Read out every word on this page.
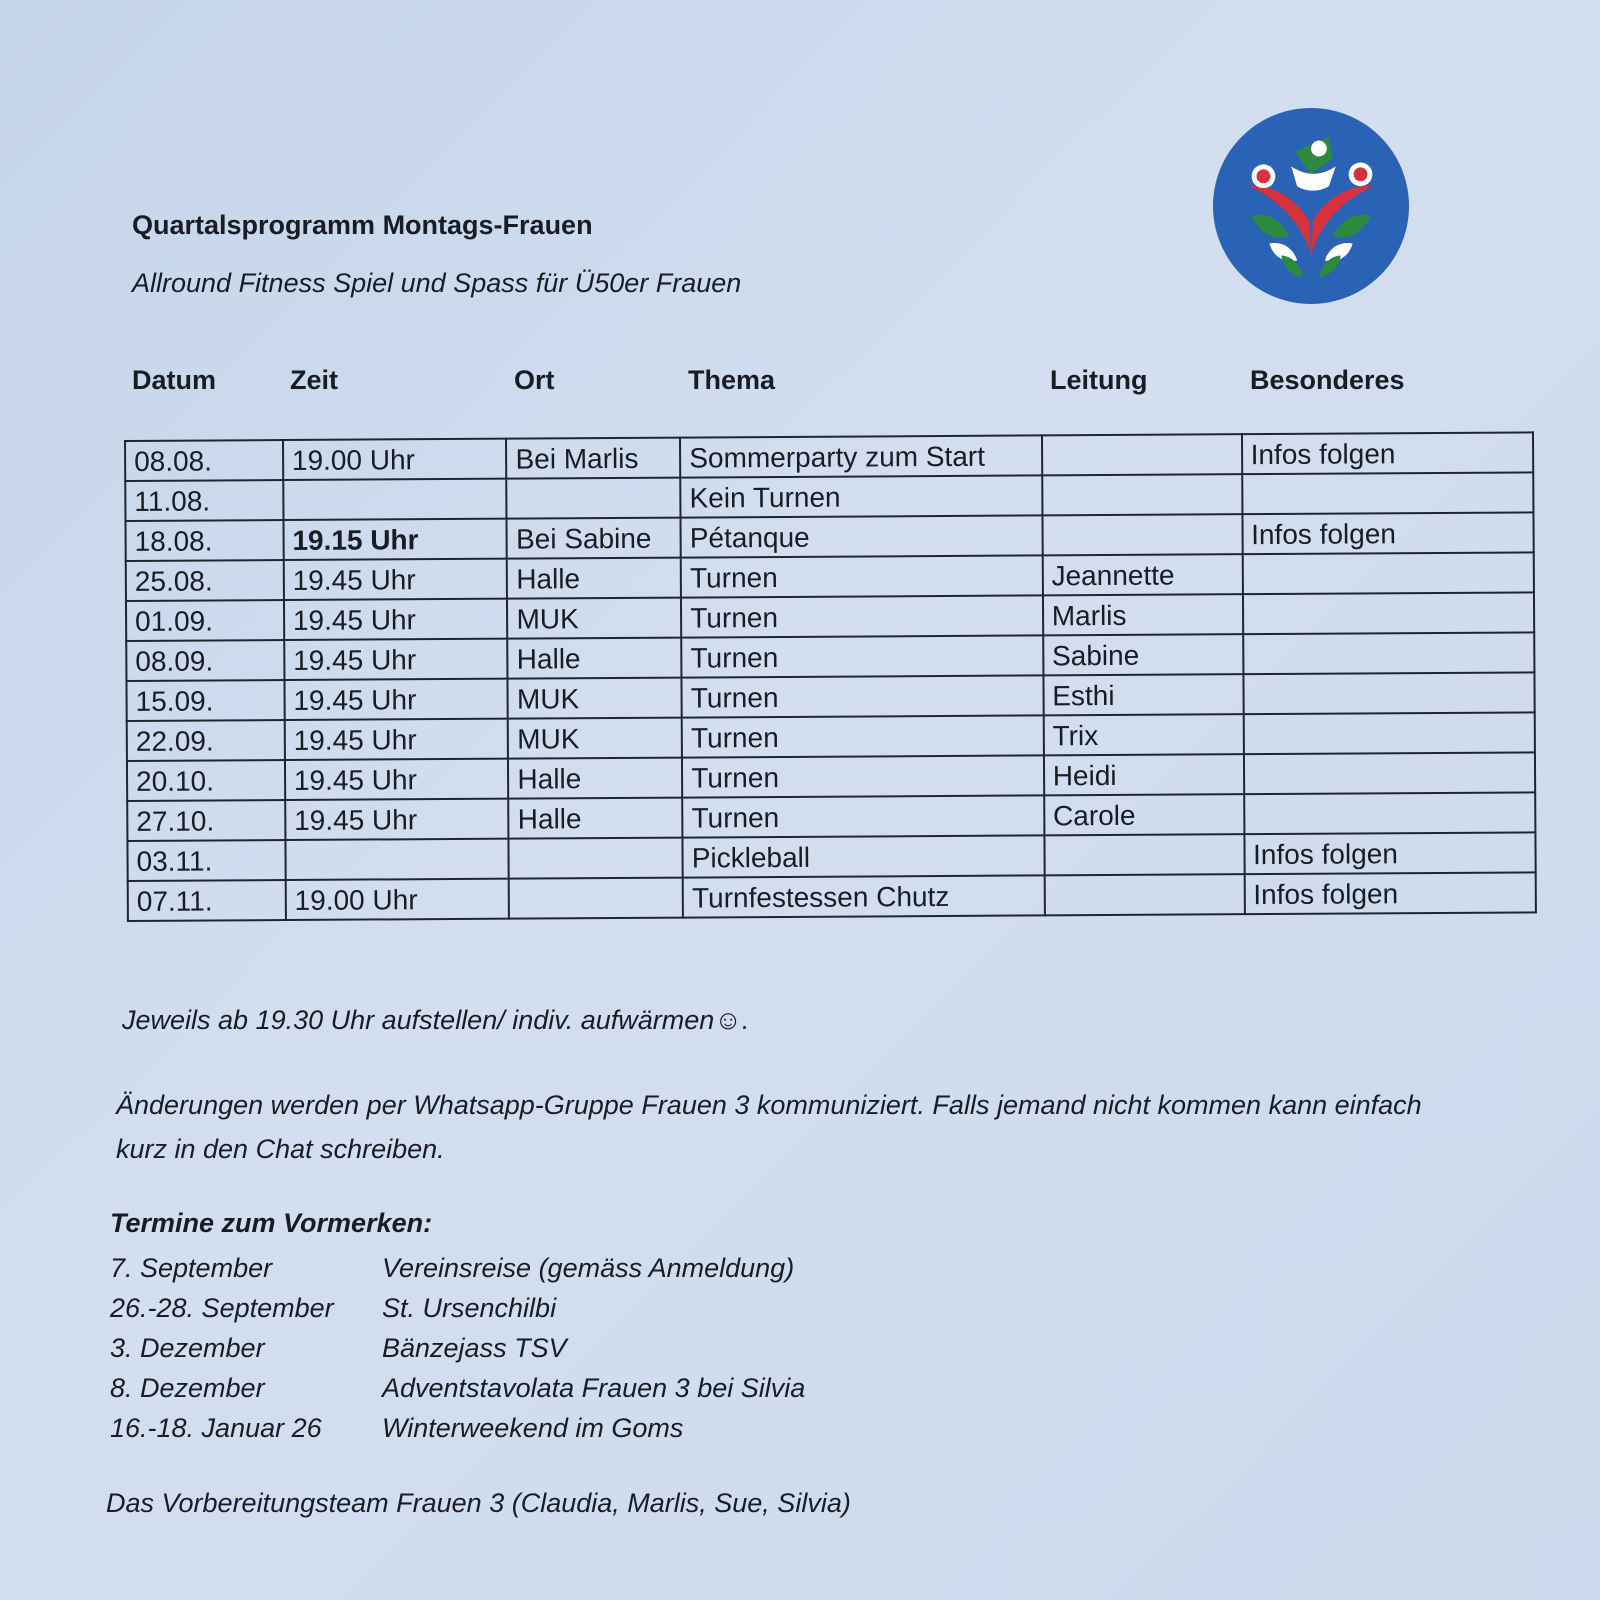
Quartalsprogramm Montags-Frauen

Allround Fitness Spiel und Spass für Ü50er Frauen

Datum	Zeit	Ort	Thema	Leitung	Besonderes
08.08.	19.00 Uhr	Bei Marlis	Sommerparty zum Start		Infos folgen
11.08.			Kein Turnen		
18.08.	19.15 Uhr	Bei Sabine	Pétanque		Infos folgen
25.08.	19.45 Uhr	Halle	Turnen	Jeannette	
01.09.	19.45 Uhr	MUK	Turnen	Marlis	
08.09.	19.45 Uhr	Halle	Turnen	Sabine	
15.09.	19.45 Uhr	MUK	Turnen	Esthi	
22.09.	19.45 Uhr	MUK	Turnen	Trix	
20.10.	19.45 Uhr	Halle	Turnen	Heidi	
27.10.	19.45 Uhr	Halle	Turnen	Carole	
03.11.			Pickleball		Infos folgen
07.11.	19.00 Uhr		Turnfestessen Chutz		Infos folgen

Jeweils ab 19.30 Uhr aufstellen/ indiv. aufwärmen☺.

Änderungen werden per Whatsapp-Gruppe Frauen 3 kommuniziert. Falls jemand nicht kommen kann einfach kurz in den Chat schreiben.

Termine zum Vormerken:

7. September	Vereinsreise (gemäss Anmeldung)
26.-28. September	St. Ursenchilbi
3. Dezember	Bänzejass TSV
8. Dezember	Adventstavolata Frauen 3 bei Silvia
16.-18. Januar 26	Winterweekend im Goms

Das Vorbereitungsteam Frauen 3 (Claudia, Marlis, Sue, Silvia)
